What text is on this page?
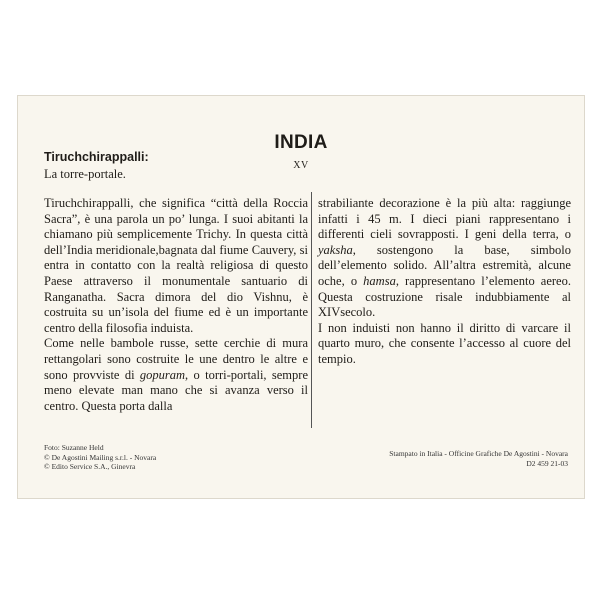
INDIA
XV
Tiruchchirappalli:
La torre-portale.

Tiruchchirappalli, che significa “città della Roccia Sacra”, è una parola un po’ lunga. I suoi abitanti la chiamano più semplicemente Trichy. In questa città dell’India meridionale,bagnata dal fiume Cauvery, si entra in contatto con la realtà religiosa di questo Paese attraverso il monumentale santuario di Ranganatha. Sacra dimora del dio Vishnu, è costruita su un’isola del fiume ed è un importante centro della filosofia induista.

Come nelle bambole russe, sette cerchie di mura rettangolari sono costruite le une dentro le altre e sono provviste di gopuram, o torri-portali, sempre meno elevate man mano che si avanza verso il centro. Questa porta dalla

strabiliante decorazione è la più alta: raggiunge infatti i 45 m. I dieci piani rappresentano i differenti cieli sovrapposti. I geni della terra, o yaksha, sostengono la base, simbolo dell’elemento solido. All’altra estremità, alcune oche, o hamsa, rappresentano l’elemento aereo. Questa costruzione risale indubbiamente al XIVsecolo.

I non induisti non hanno il diritto di varcare il quarto muro, che consente l’accesso al cuore del tempio.

Foto: Suzanne Held
© De Agostini Mailing s.r.l. - Novara
© Edito Service S.A., Ginevra
Stampato in Italia - Officine Grafiche De Agostini - Novara
D2 459 21-03
